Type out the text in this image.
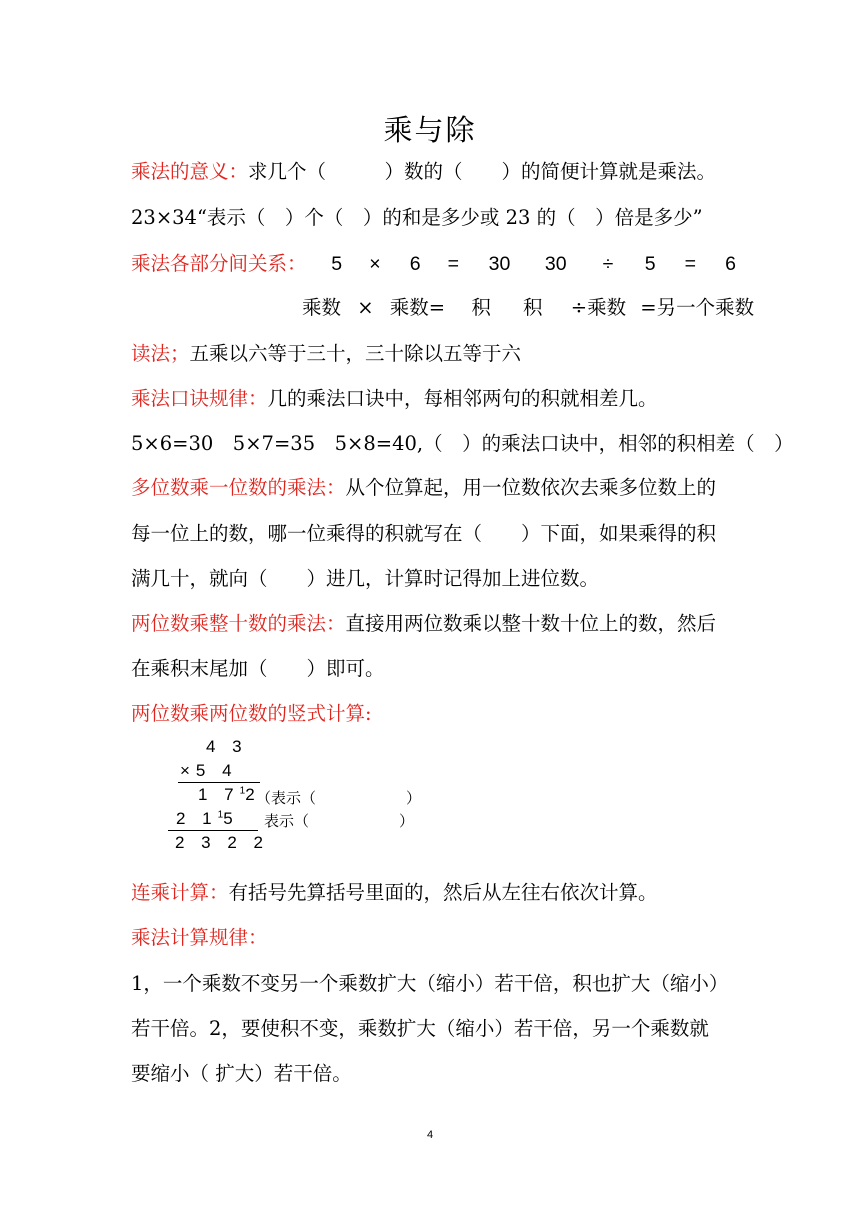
乘与除
乘法的意义：求几个（　　　）数的（　　）的简便计算就是乘法。
23×34“表示（　）个（　）的和是多少或 23 的（　）倍是多少”
乘法各部分间关系： 5 × 6 = 30 30 ÷ 5 = 6
乘数 × 乘数= 积 积 ÷乘数 =另一个乘数
读法；五乘以六等于三十，三十除以五等于六
乘法口诀规律：几的乘法口诀中，每相邻两句的积就相差几。
5×6=30　5×7=35　5×8=40,（　）的乘法口诀中，相邻的积相差（　）
多位数乘一位数的乘法：从个位算起，用一位数依次去乘多位数上的
每一位上的数，哪一位乘得的积就写在（　　）下面，如果乘得的积
满几十，就向（　　）进几，计算时记得加上进位数。
两位数乘整十数的乘法：直接用两位数乘以整十数十位上的数，然后
在乘积末尾加（　　）即可。
两位数乘两位数的竖式计算:
4 3
×5 4
1 $7^12$
（表示（　　　　　　）
2 $1^15$ 表示（　　　　　　）
2 3 2 2
连乘计算：有括号先算括号里面的，然后从左往右依次计算。
乘法计算规律：
1，一个乘数不变另一个乘数扩大（缩小）若干倍，积也扩大（缩小）
若干倍。2，要使积不变，乘数扩大（缩小）若干倍，另一个乘数就
要缩小（ 扩大）若干倍。
4
